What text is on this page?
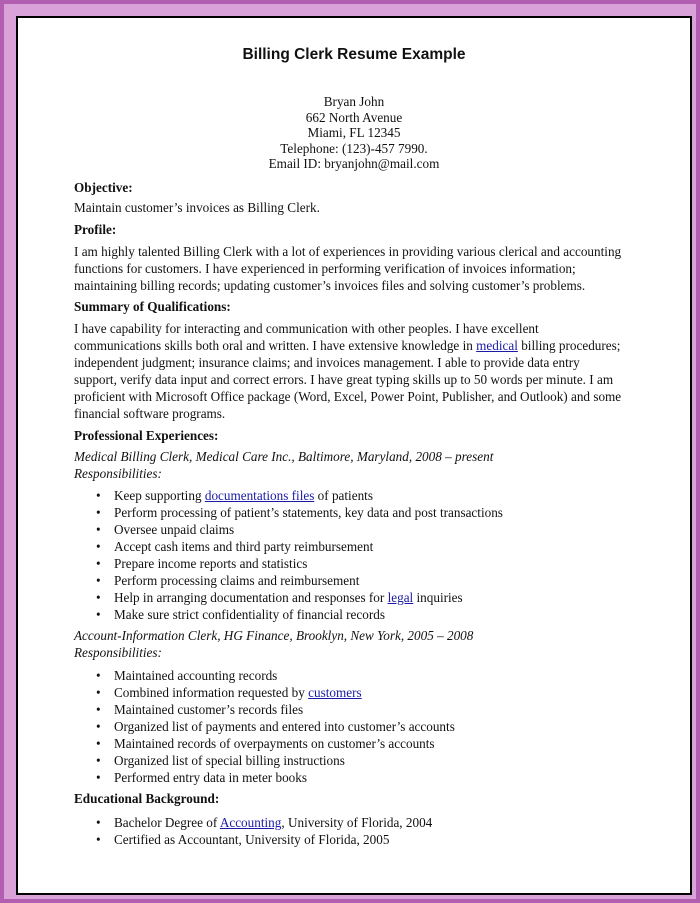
Billing Clerk Resume Example
Bryan John
662 North Avenue
Miami, FL 12345
Telephone: (123)-457 7990.
Email ID: bryanjohn@mail.com
Objective:
Maintain customer’s invoices as Billing Clerk.
Profile:
I am highly talented Billing Clerk with a lot of experiences in providing various clerical and accounting
functions for customers. I have experienced in performing verification of invoices information;
maintaining billing records; updating customer’s invoices files and solving customer’s problems.
Summary of Qualifications:
I have capability for interacting and communication with other peoples. I have excellent
communications skills both oral and written. I have extensive knowledge in medical billing procedures;
independent judgment; insurance claims; and invoices management. I able to provide data entry
support, verify data input and correct errors. I have great typing skills up to 50 words per minute. I am
proficient with Microsoft Office package (Word, Excel, Power Point, Publisher, and Outlook) and some
financial software programs.
Professional Experiences:
Medical Billing Clerk, Medical Care Inc., Baltimore, Maryland, 2008 – present
Responsibilities:
• Keep supporting documentations files of patients
• Perform processing of patient’s statements, key data and post transactions
• Oversee unpaid claims
• Accept cash items and third party reimbursement
• Prepare income reports and statistics
• Perform processing claims and reimbursement
• Help in arranging documentation and responses for legal inquiries
• Make sure strict confidentiality of financial records
Account-Information Clerk, HG Finance, Brooklyn, New York, 2005 – 2008
Responsibilities:
• Maintained accounting records
• Combined information requested by customers
• Maintained customer’s records files
• Organized list of payments and entered into customer’s accounts
• Maintained records of overpayments on customer’s accounts
• Organized list of special billing instructions
• Performed entry data in meter books
Educational Background:
• Bachelor Degree of Accounting, University of Florida, 2004
• Certified as Accountant, University of Florida, 2005
